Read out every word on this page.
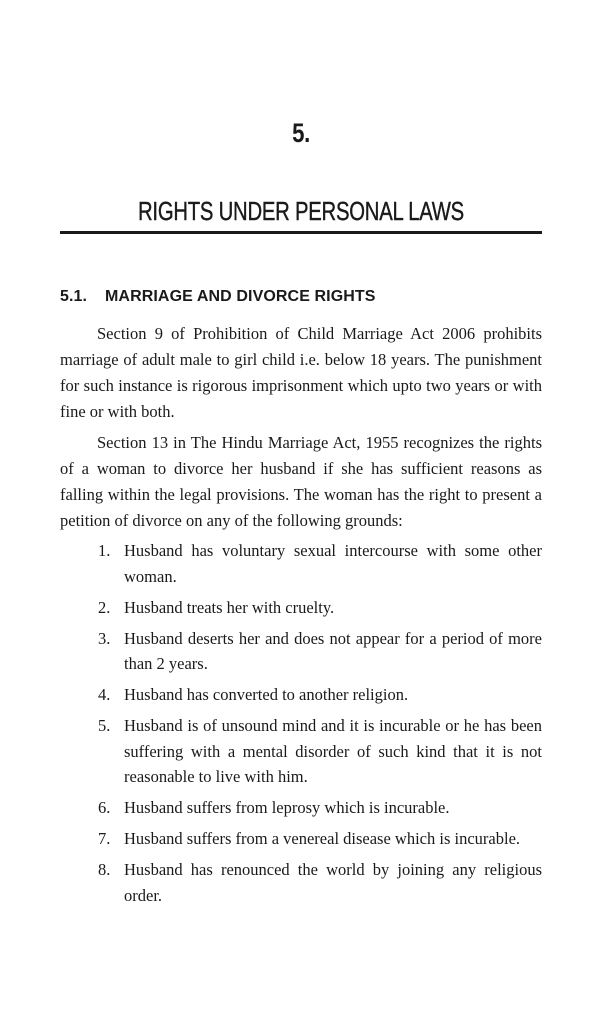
5.
RIGHTS UNDER PERSONAL LAWS
5.1. MARRIAGE AND DIVORCE RIGHTS

Section 9 of Prohibition of Child Marriage Act 2006 prohibits marriage of adult male to girl child i.e. below 18 years. The punishment for such instance is rigorous imprisonment which upto two years or with fine or with both.

Section 13 in The Hindu Marriage Act, 1955 recognizes the rights of a woman to divorce her husband if she has sufficient reasons as falling within the legal provisions. The woman has the right to present a petition of divorce on any of the following grounds:

1. Husband has voluntary sexual intercourse with some other woman.
2. Husband treats her with cruelty.
3. Husband deserts her and does not appear for a period of more than 2 years.
4. Husband has converted to another religion.
5. Husband is of unsound mind and it is incurable or he has been suffering with a mental disorder of such kind that it is not reasonable to live with him.
6. Husband suffers from leprosy which is incurable.
7. Husband suffers from a venereal disease which is incurable.
8. Husband has renounced the world by joining any religious order.
